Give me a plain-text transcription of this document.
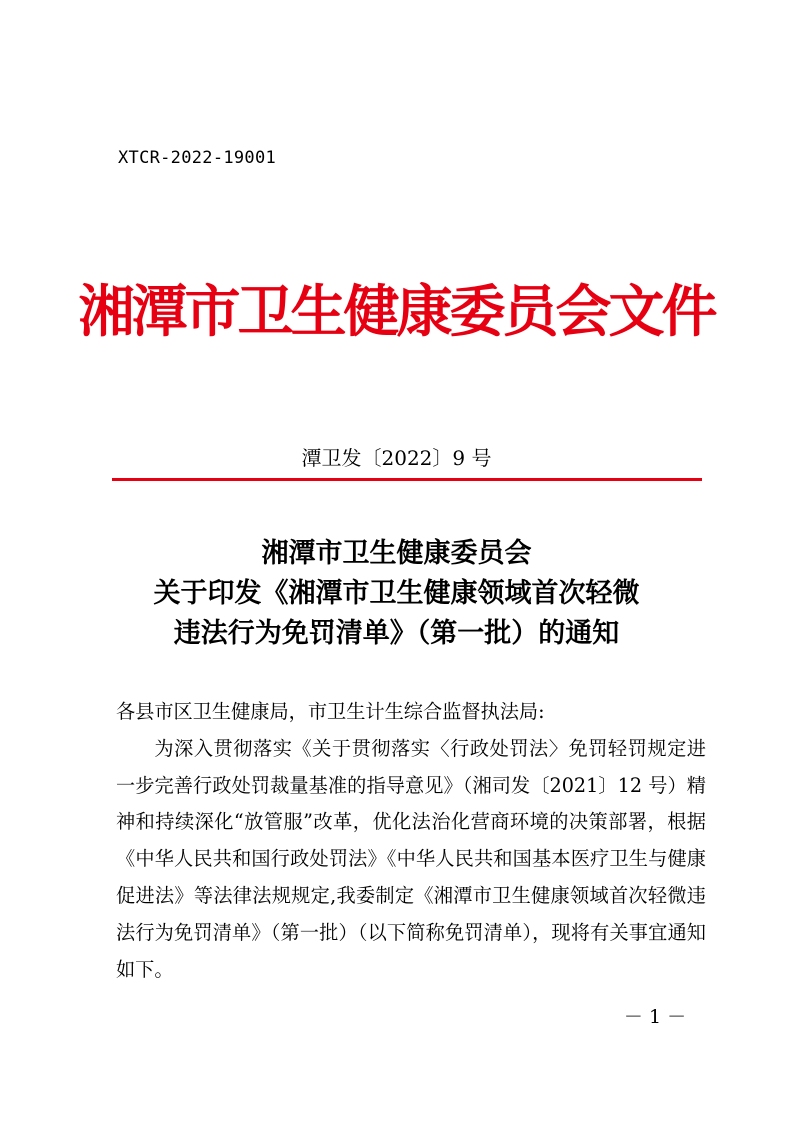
XTCR-2022-19001
湘潭市卫生健康委员会文件
潭卫发〔2022〕9 号
湘潭市卫生健康委员会
关于印发《湘潭市卫生健康领域首次轻微
违法行为免罚清单》（第一批）的通知

各县市区卫生健康局，市卫生计生综合监督执法局:

为深入贯彻落实《关于贯彻落实〈行政处罚法〉免罚轻罚规定进一步完善行政处罚裁量基准的指导意见》（湘司发〔2021〕12 号）精神和持续深化“放管服”改革，优化法治化营商环境的决策部署，根据《中华人民共和国行政处罚法》《中华人民共和国基本医疗卫生与健康促进法》等法律法规规定,我委制定《湘潭市卫生健康领域首次轻微违法行为免罚清单》（第一批）（以下简称免罚清单），现将有关事宜通知如下。

－ 1 －
